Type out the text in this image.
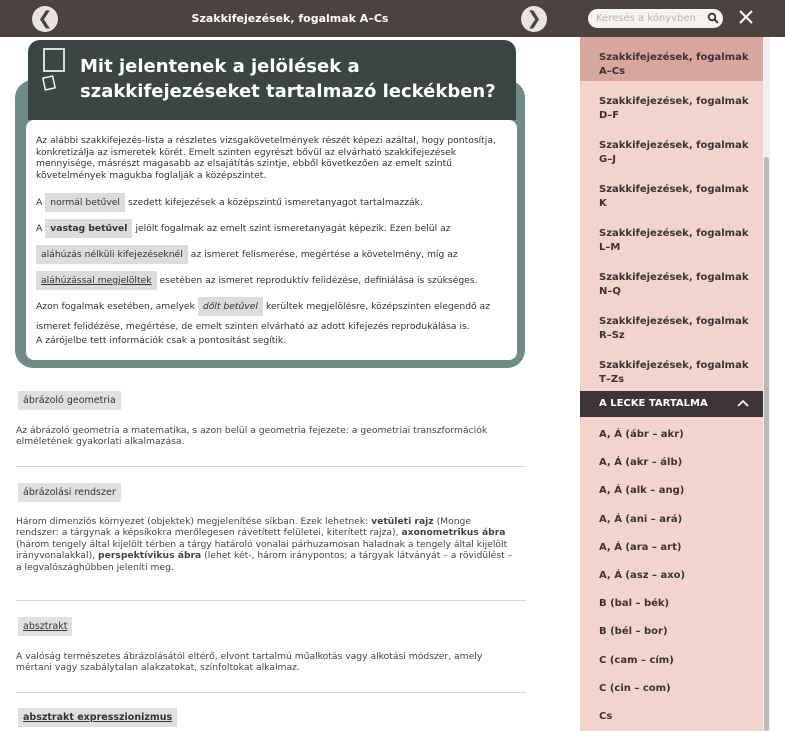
❮	Szakkifejezések, fogalmak A–Cs	❯	Keresés a könyvben
Szakkifejezések, fogalmak
A–Cs
Szakkifejezések, fogalmak
D–F
Szakkifejezések, fogalmak
G–J
Szakkifejezések, fogalmak
K
Szakkifejezések, fogalmak
L–M
Szakkifejezések, fogalmak
N–Q
Szakkifejezések, fogalmak
R–Sz
Szakkifejezések, fogalmak
T–Zs
A LECKE TARTALMA
A, Á (ábr – akr)
A, Á (akr – álb)
A, Á (alk – ang)
A, Á (ani – ará)
A, Á (ara – art)
A, Á (asz – axo)
B (bal – bék)
B (bél – bor)
C (cam – cím)
C (cin – com)
Cs
Mit jelentenek a jelölések a szakkifejezéseket tartalmazó leckékben?
Az alábbi szakkifejezés-lista a részletes vizsgakövetelmények részét képezi azáltal, hogy pontosítja, konkretizálja az ismeretek körét. Emelt szinten egyrészt bővül az elvárható szakkifejezések mennyisége, másrészt magasabb az elsajátítás szintje, ebből következően az emelt szintű követelmények magukba foglalják a középszintet.
A normál betűvel szedett kifejezések a középszintű ismeretanyagot tartalmazzák.
A vastag betűvel jelölt fogalmak az emelt szint ismeretanyagát képezik. Ezen belül az
aláhúzás nélküli kifejezéseknél az ismeret felismerése, megértése a követelmény, míg az
aláhúzással megjelöltek esetében az ismeret reproduktív felidézése, definiálása is szükséges.
Azon fogalmak esetében, amelyek dőlt betűvel kerültek megjelölésre, középszinten elegendő az
ismeret felidézése, megértése, de emelt szinten elvárható az adott kifejezés reprodukálása is.
A zárójelbe tett információk csak a pontosítást segítik.
ábrázoló geometria
Az ábrázoló geometria a matematika, s azon belül a geometria fejezete: a geometriai transzformációk elméletének gyakorlati alkalmazása.
ábrázolási rendszer
Három dimenziós környezet (objektek) megjelenítése síkban. Ezek lehetnek: vetületi rajz (Monge rendszer: a tárgynak a képsíkokra merőlegesen rávetített felületei, kiterített rajza), axonometrikus ábra (három tengely által kijelölt térben a tárgy határoló vonalai párhuzamosan haladnak a tengely által kijelölt irányvonalakkal), perspektívikus ábra (lehet két-, három iránypontos; a tárgyak látványát – a rövidülést – a legvalószághűbben jeleníti meg.
absztrakt
A valóság természetes ábrázolásától eltérő, elvont tartalmú műalkotás vagy alkotási módszer, amely mértani vagy szabálytalan alakzatokat, színfoltokat alkalmaz.
absztrakt expresszionizmus
